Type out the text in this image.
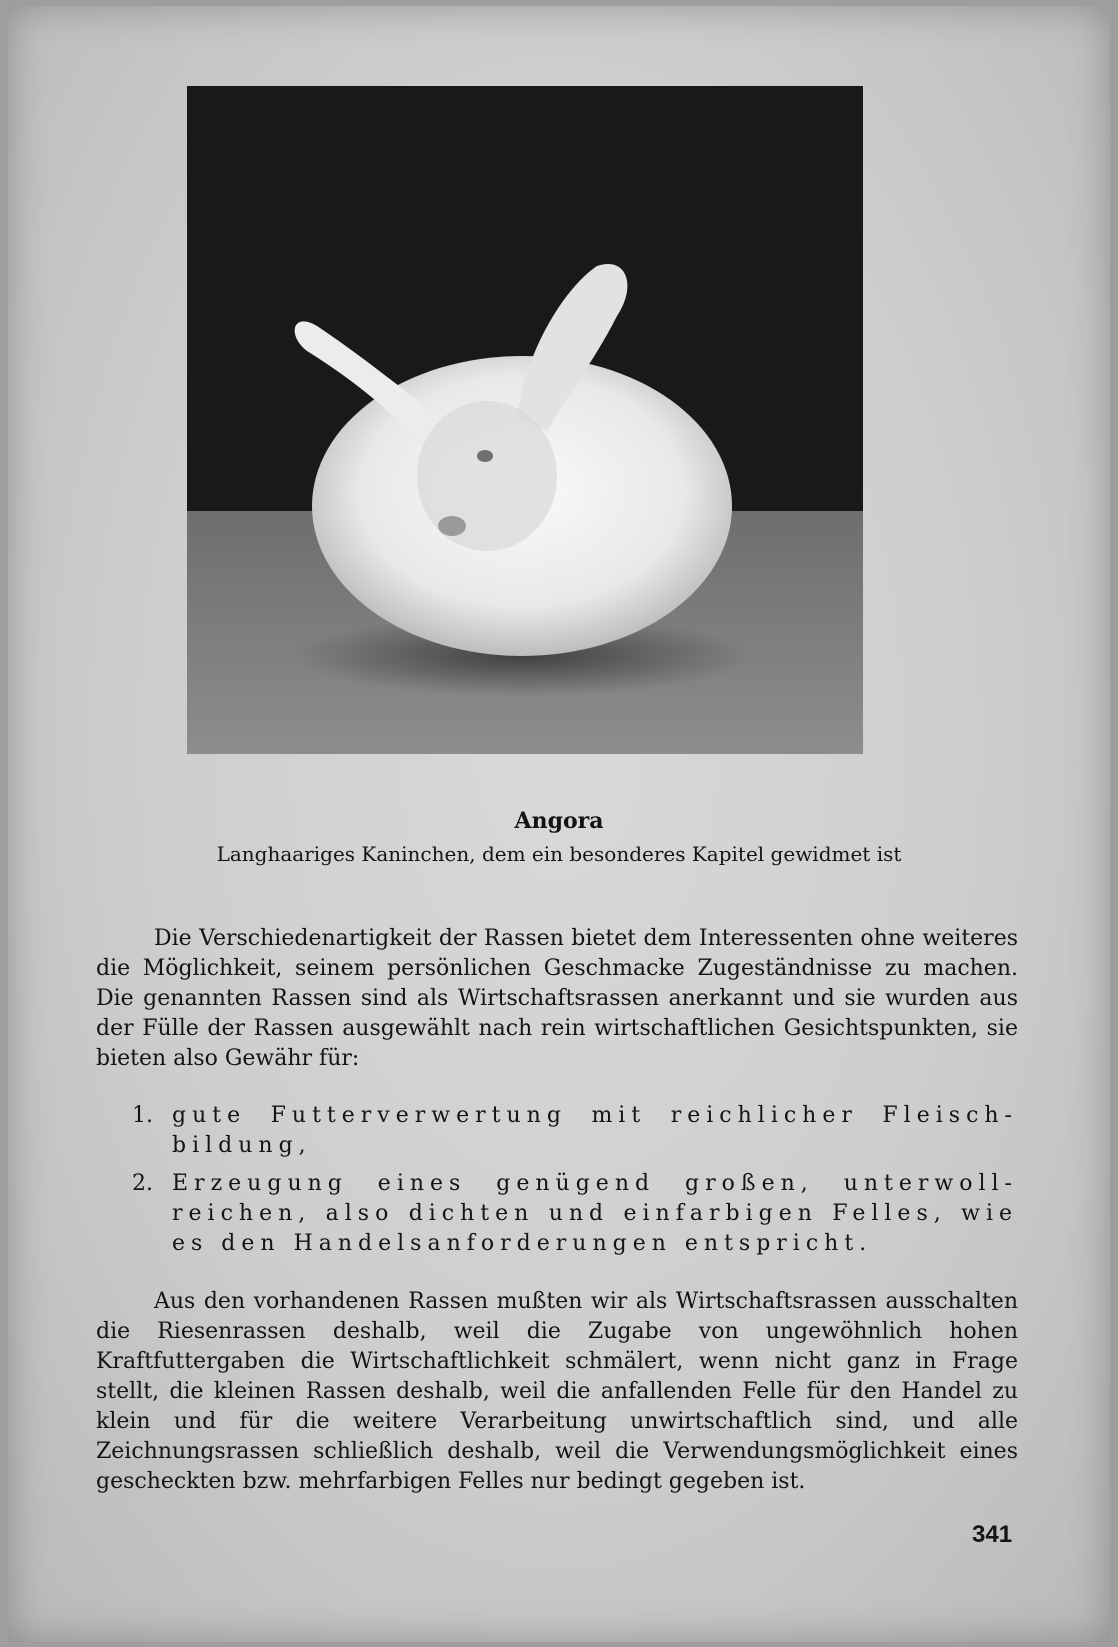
Angora
Langhaariges Kaninchen, dem ein besonderes Kapitel gewidmet ist
Die Verschiedenartigkeit der Rassen bietet dem Interessenten ohne weiteres die Möglichkeit, seinem persönlichen Geschmacke Zugeständnisse zu machen. Die genannten Rassen sind als Wirtschaftsrassen anerkannt und sie wurden aus der Fülle der Rassen ausgewählt nach rein wirtschaftlichen Gesichtspunkten, sie bieten also Gewähr für:
1. gute Futterverwertung mit reichlicher Fleisch-bildung,
2. Erzeugung eines genügend großen, unterwoll-reichen, also dichten und einfarbigen Felles, wie es den Handelsanforderungen entspricht.
Aus den vorhandenen Rassen mußten wir als Wirtschaftsrassen ausschalten die Riesenrassen deshalb, weil die Zugabe von ungewöhnlich hohen Kraftfuttergaben die Wirtschaftlichkeit schmälert, wenn nicht ganz in Frage stellt, die kleinen Rassen deshalb, weil die anfallenden Felle für den Handel zu klein und für die weitere Verarbeitung unwirtschaftlich sind, und alle Zeichnungsrassen schließlich deshalb, weil die Verwendungsmöglichkeit eines gescheckten bzw. mehrfarbigen Felles nur bedingt gegeben ist.
341
